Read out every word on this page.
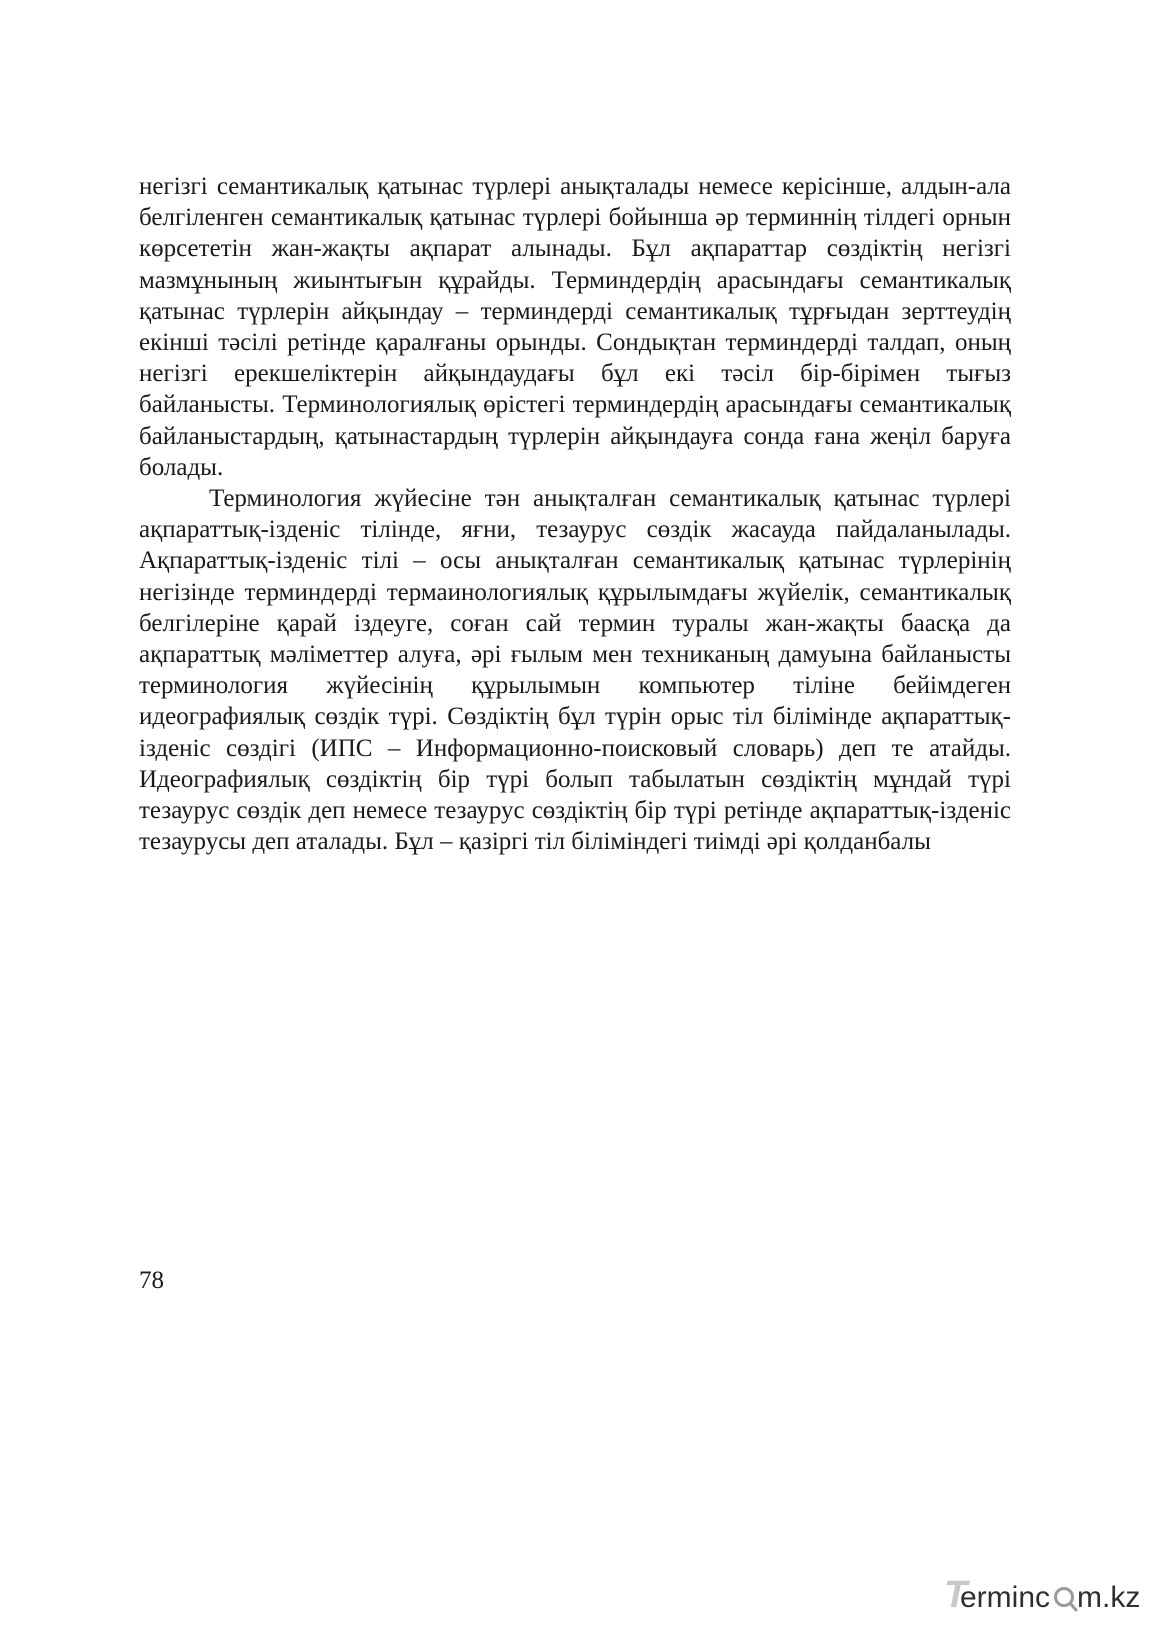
негізгі семантикалық қатынас түрлері анықталады немесе керісінше, алдын-ала белгіленген семантикалық қатынас түрлері бойынша әр терминнің тілдегі орнын көрсететін жан-жақты ақпарат алынады. Бұл ақпараттар сөздіктің негізгі мазмұнының жиынтығын құрайды. Терминдердің арасындағы семантикалық қатынас түрлерін айқындау – терминдерді семантикалық тұрғыдан зерттеудің екінші тәсілі ретінде қаралғаны орынды. Сондықтан терминдерді талдап, оның негізгі ерекшеліктерін айқындаудағы бұл екі тәсіл бір-бірімен тығыз байланысты. Терминологиялық өрістегі терминдердің арасындағы семантикалық байланыстардың, қатынастардың түрлерін айқындауға сонда ғана жеңіл баруға болады.

Терминология жүйесіне тән анықталған семантикалық қатынас түрлері ақпараттық-ізденіс тілінде, яғни, тезаурус сөздік жасауда пайдаланылады. Ақпараттық-ізденіс тілі – осы анықталған семантикалық қатынас түрлерінің негізінде терминдерді термаинологиялық құрылымдағы жүйелік, семантикалық белгілеріне қарай іздеуге, соған сай термин туралы жан-жақты баасқа да ақпараттық мәліметтер алуға, әрі ғылым мен техниканың дамуына байланысты терминология жүйесінің құрылымын компьютер тіліне бейімдеген идеографиялық сөздік түрі. Сөздіктің бұл түрін орыс тіл білімінде ақпараттық-ізденіс сөздігі (ИПС – Информационно-поисковый словарь) деп те атайды. Идеографиялық сөздіктің бір түрі болып табылатын сөздіктің мұндай түрі тезаурус сөздік деп немесе тезаурус сөздіктің бір түрі ретінде ақпараттық-ізденіс тезаурусы деп аталады. Бұл – қазіргі тіл біліміндегі тиімді әрі қолданбалы

78
T
erminc m.kz
